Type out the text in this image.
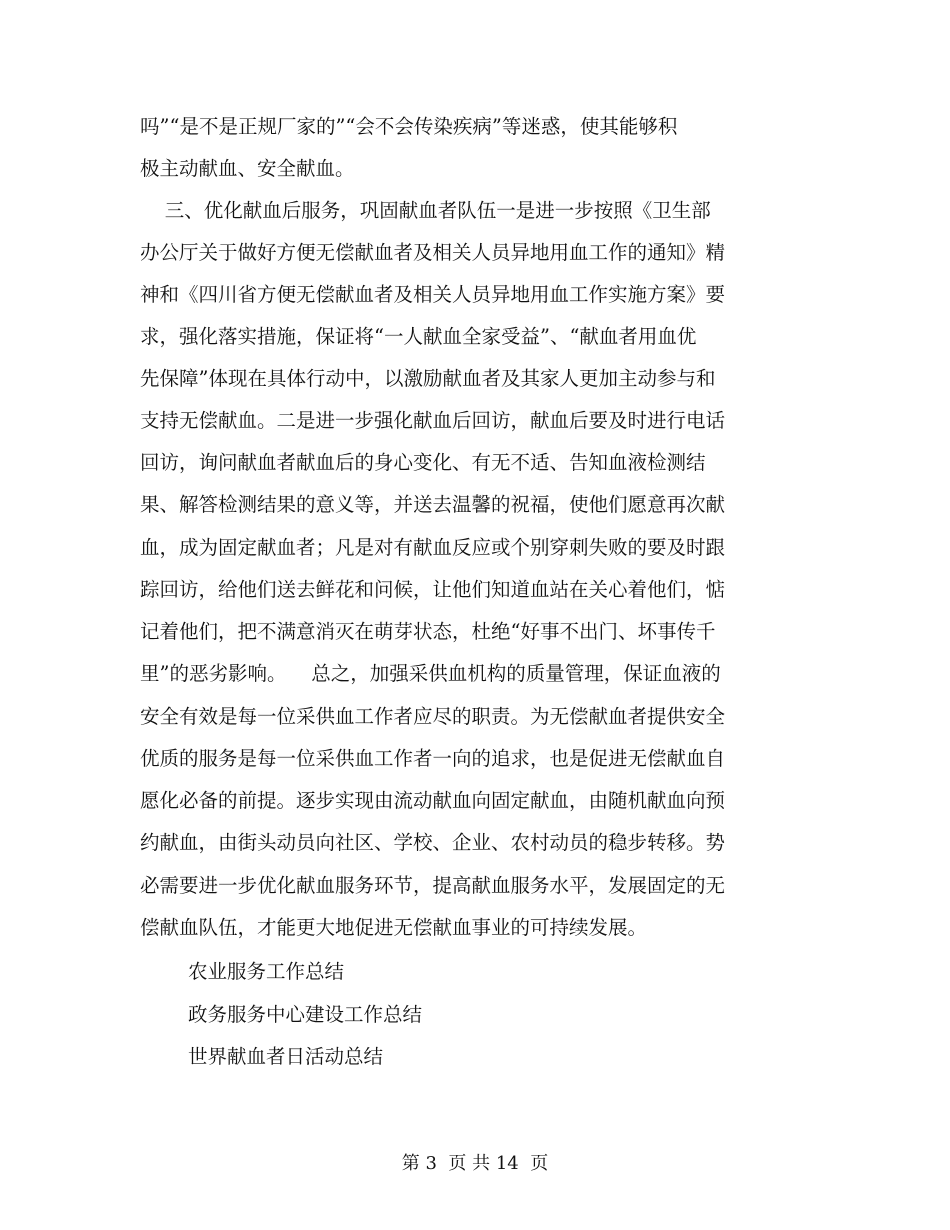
吗”“是不是正规厂家的”“会不会传染疾病”等迷惑，使其能够积
极主动献血、安全献血。
三、优化献血后服务，巩固献血者队伍一是进一步按照《卫生部
办公厅关于做好方便无偿献血者及相关人员异地用血工作的通知》精
神和《四川省方便无偿献血者及相关人员异地用血工作实施方案》要
求，强化落实措施，保证将“一人献血全家受益”、“献血者用血优
先保障”体现在具体行动中，以激励献血者及其家人更加主动参与和
支持无偿献血。二是进一步强化献血后回访，献血后要及时进行电话
回访，询问献血者献血后的身心变化、有无不适、告知血液检测结
果、解答检测结果的意义等，并送去温馨的祝福，使他们愿意再次献
血，成为固定献血者；凡是对有献血反应或个别穿刺失败的要及时跟
踪回访，给他们送去鲜花和问候，让他们知道血站在关心着他们，惦
记着他们，把不满意消灭在萌芽状态，杜绝“好事不出门、坏事传千
里”的恶劣影响。    总之，加强采供血机构的质量管理，保证血液的
安全有效是每一位采供血工作者应尽的职责。为无偿献血者提供安全
优质的服务是每一位采供血工作者一向的追求，也是促进无偿献血自
愿化必备的前提。逐步实现由流动献血向固定献血，由随机献血向预
约献血，由街头动员向社区、学校、企业、农村动员的稳步转移。势
必需要进一步优化献血服务环节，提高献血服务水平，发展固定的无
偿献血队伍，才能更大地促进无偿献血事业的可持续发展。
农业服务工作总结
政务服务中心建设工作总结
世界献血者日活动总结
第 3  页 共 14  页
